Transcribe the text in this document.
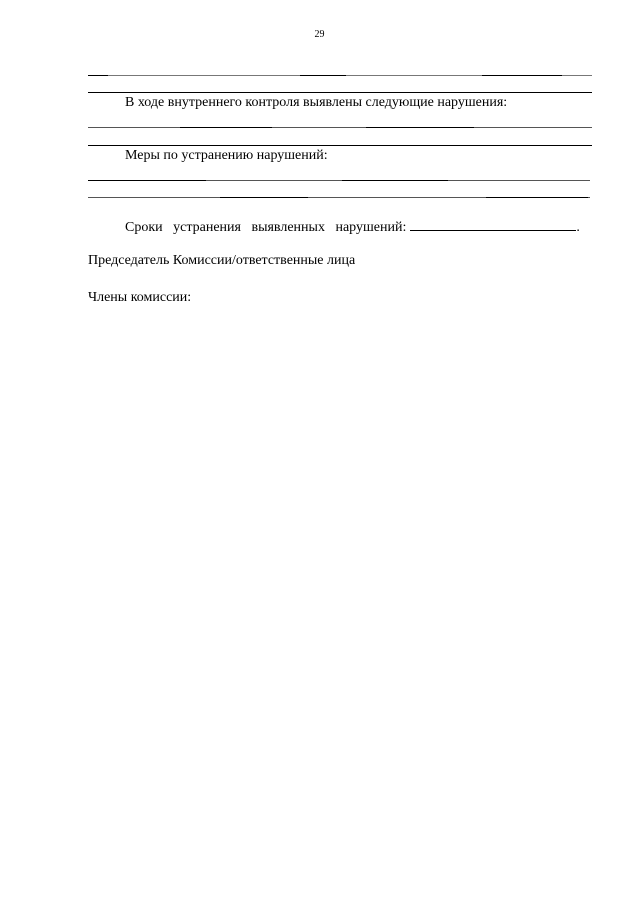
29
В ходе внутреннего контроля выявлены следующие нарушения:
Меры по устранению нарушений:
Сроки   устранения   выявленных   нарушений:	.
Председатель Комиссии/ответственные лица
Члены комиссии:
